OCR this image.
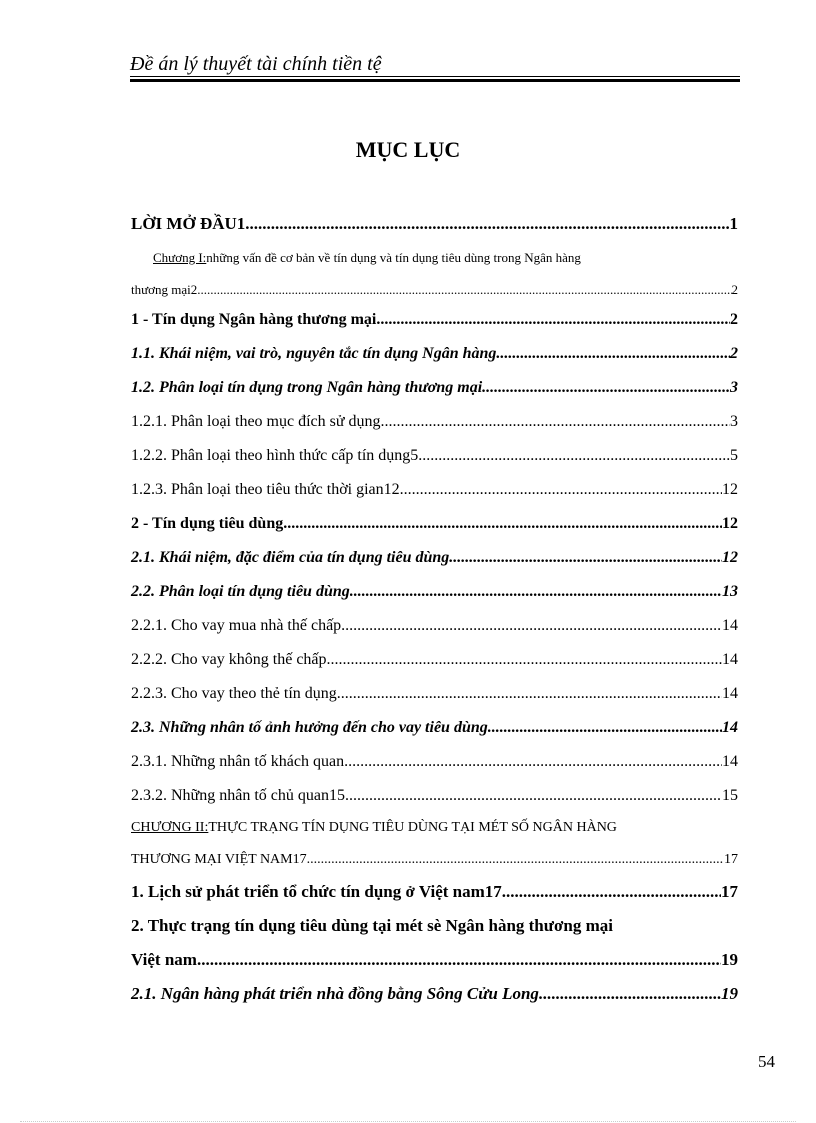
Đề án lý thuyết tài chính tiền tệ
MỤC LỤC
LỜI MỞ ĐẦU1 .....	1
Chương I:những vấn đề cơ bản về tín dụng và tín dụng tiêu dùng trong Ngân hàng
thương mại2 .....	2
1 - Tín dụng Ngân hàng thương mại .....	2
1.1. Khái niệm, vai trò, nguyên tắc tín dụng Ngân hàng .....	2
1.2. Phân loại tín dụng trong Ngân hàng thương mại .....	3
1.2.1. Phân loại theo mục đích sử dụng .....	3
1.2.2. Phân loại theo hình thức cấp tín dụng5 .....	5
1.2.3. Phân loại theo tiêu thức thời gian12 .....	12
2 - Tín dụng tiêu dùng .....	12
2.1. Khái niệm, đặc điểm của tín dụng tiêu dùng .....	12
2.2. Phân loại tín dụng tiêu dùng .....	13
2.2.1. Cho vay mua nhà thế chấp .....	14
2.2.2. Cho vay không thế chấp .....	14
2.2.3. Cho vay theo thẻ tín dụng .....	14
2.3. Những nhân tố ảnh hưởng đến cho vay tiêu dùng .....	14
2.3.1. Những nhân tố khách quan .....	14
2.3.2. Những nhân tố chủ quan15 .....	15
CHƯƠNG II:THỰC TRẠNG TÍN DỤNG TIÊU DÙNG TẠI MÉT SỐ NGÂN HÀNG
THƯƠNG MẠI VIỆT NAM17 .....	17
1. Lịch sử phát triển tổ chức tín dụng ở Việt nam17 .....	17
2. Thực trạng tín dụng tiêu dùng tại mét sè Ngân hàng thương mại
Việt nam .....	19
2.1. Ngân hàng phát triển nhà đồng bằng Sông Cửu Long .....	19
54
